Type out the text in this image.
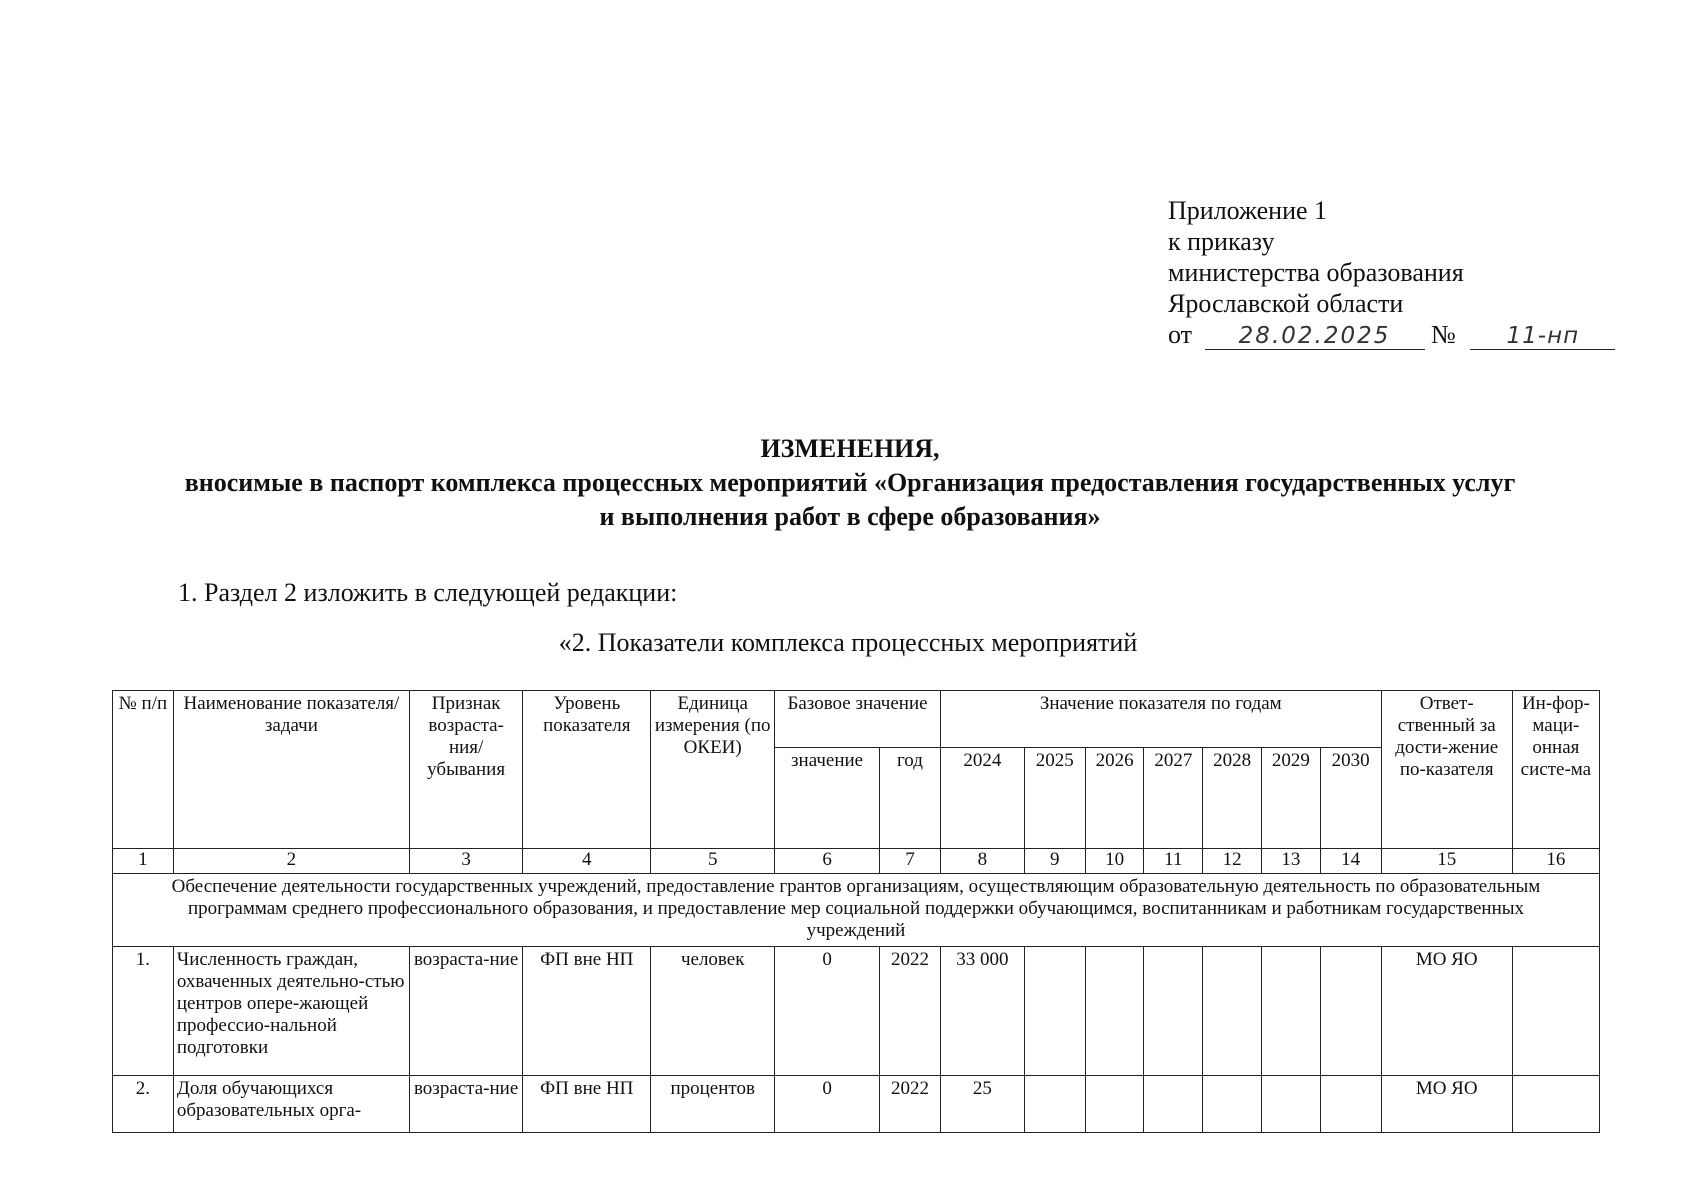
Приложение 1
к приказу
министерства образования
Ярославской области
от 28.02.2025 № 11-нп
ИЗМЕНЕНИЯ,
вносимые в паспорт комплекса процессных мероприятий «Организация предоставления государственных услуг
и выполнения работ в сфере образования»
1. Раздел 2 изложить в следующей редакции:
«2. Показатели комплекса процессных мероприятий
№ п/п	Наименование показателя/задачи	Признак возраста-ния/ убывания	Уровень показателя	Единица измерения (по ОКЕИ)	Базовое значение		Значение показателя по годам							Ответ-ственный за дости-жение по-казателя	Ин-фор-маци-онная систе-ма
					значение	год	2024	2025	2026	2027	2028	2029	2030		
1	2	3	4	5	6	7	8	9	10	11	12	13	14	15	16
Обеспечение деятельности государственных учреждений, предоставление грантов организациям, осуществляющим образовательную деятельность по образовательным программам среднего профессионального образования, и предоставление мер социальной поддержки обучающимся, воспитанникам и работникам государственных учреждений															
1.	Численность граждан, охваченных деятельно-стью центров опере-жающей профессио-нальной подготовки	возраста-ние	ФП вне НП	человек	0	2022	33 000							МО ЯО	
2.	Доля обучающихся образовательных орга-	возраста-ние	ФП вне НП	процентов	0	2022	25							МО ЯО	
